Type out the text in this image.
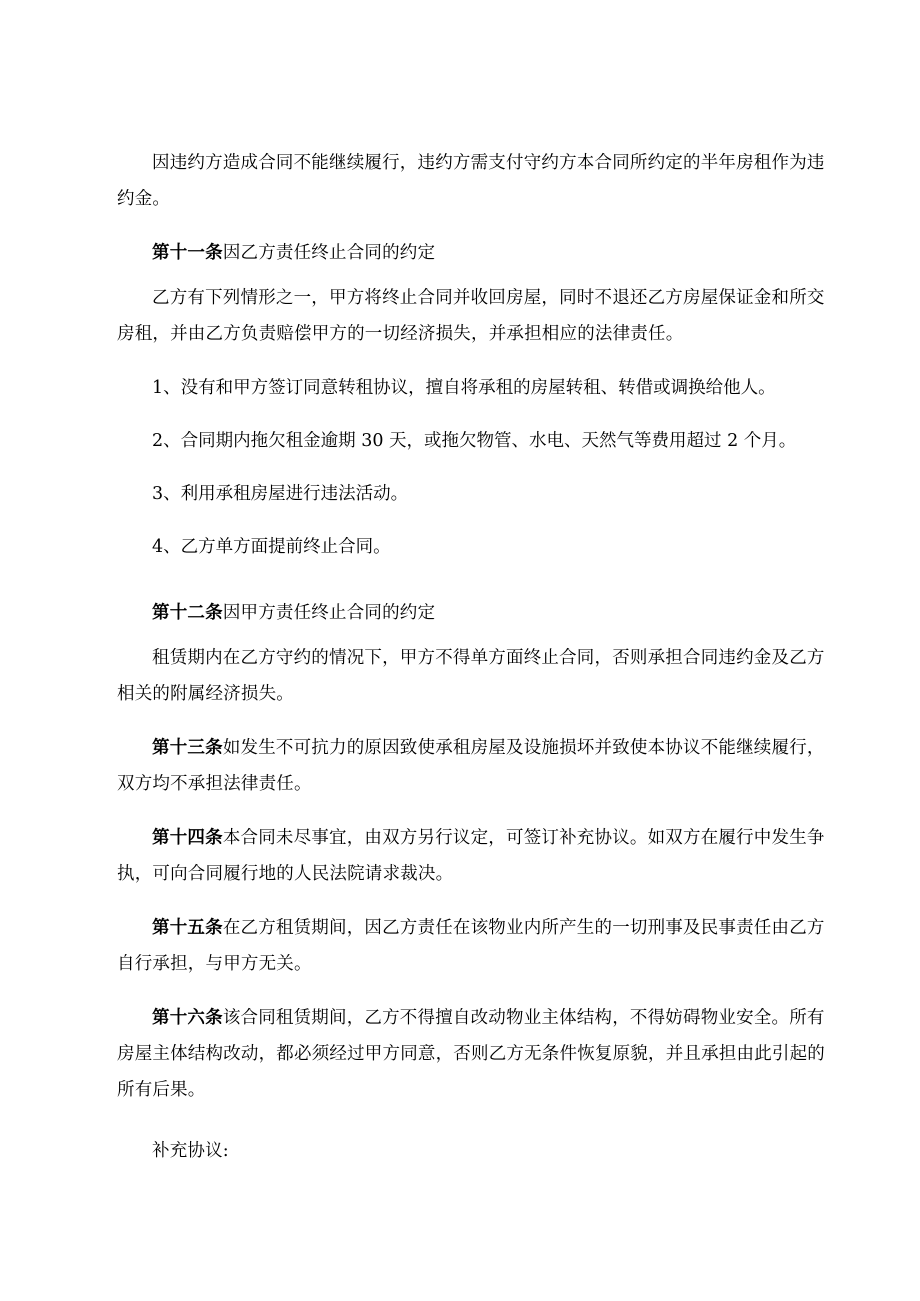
因违约方造成合同不能继续履行，违约方需支付守约方本合同所约定的半年房租作为违约金。

第十一条因乙方责任终止合同的约定

乙方有下列情形之一，甲方将终止合同并收回房屋，同时不退还乙方房屋保证金和所交房租，并由乙方负责赔偿甲方的一切经济损失，并承担相应的法律责任。

1、没有和甲方签订同意转租协议，擅自将承租的房屋转租、转借或调换给他人。

2、合同期内拖欠租金逾期 30 天，或拖欠物管、水电、天然气等费用超过 2 个月。

3、利用承租房屋进行违法活动。

4、乙方单方面提前终止合同。

第十二条因甲方责任终止合同的约定

租赁期内在乙方守约的情况下，甲方不得单方面终止合同，否则承担合同违约金及乙方相关的附属经济损失。

第十三条如发生不可抗力的原因致使承租房屋及设施损坏并致使本协议不能继续履行，双方均不承担法律责任。

第十四条本合同未尽事宜，由双方另行议定，可签订补充协议。如双方在履行中发生争执，可向合同履行地的人民法院请求裁决。

第十五条在乙方租赁期间，因乙方责任在该物业内所产生的一切刑事及民事责任由乙方自行承担，与甲方无关。

第十六条该合同租赁期间，乙方不得擅自改动物业主体结构，不得妨碍物业安全。所有房屋主体结构改动，都必须经过甲方同意，否则乙方无条件恢复原貌，并且承担由此引起的所有后果。

补充协议:
